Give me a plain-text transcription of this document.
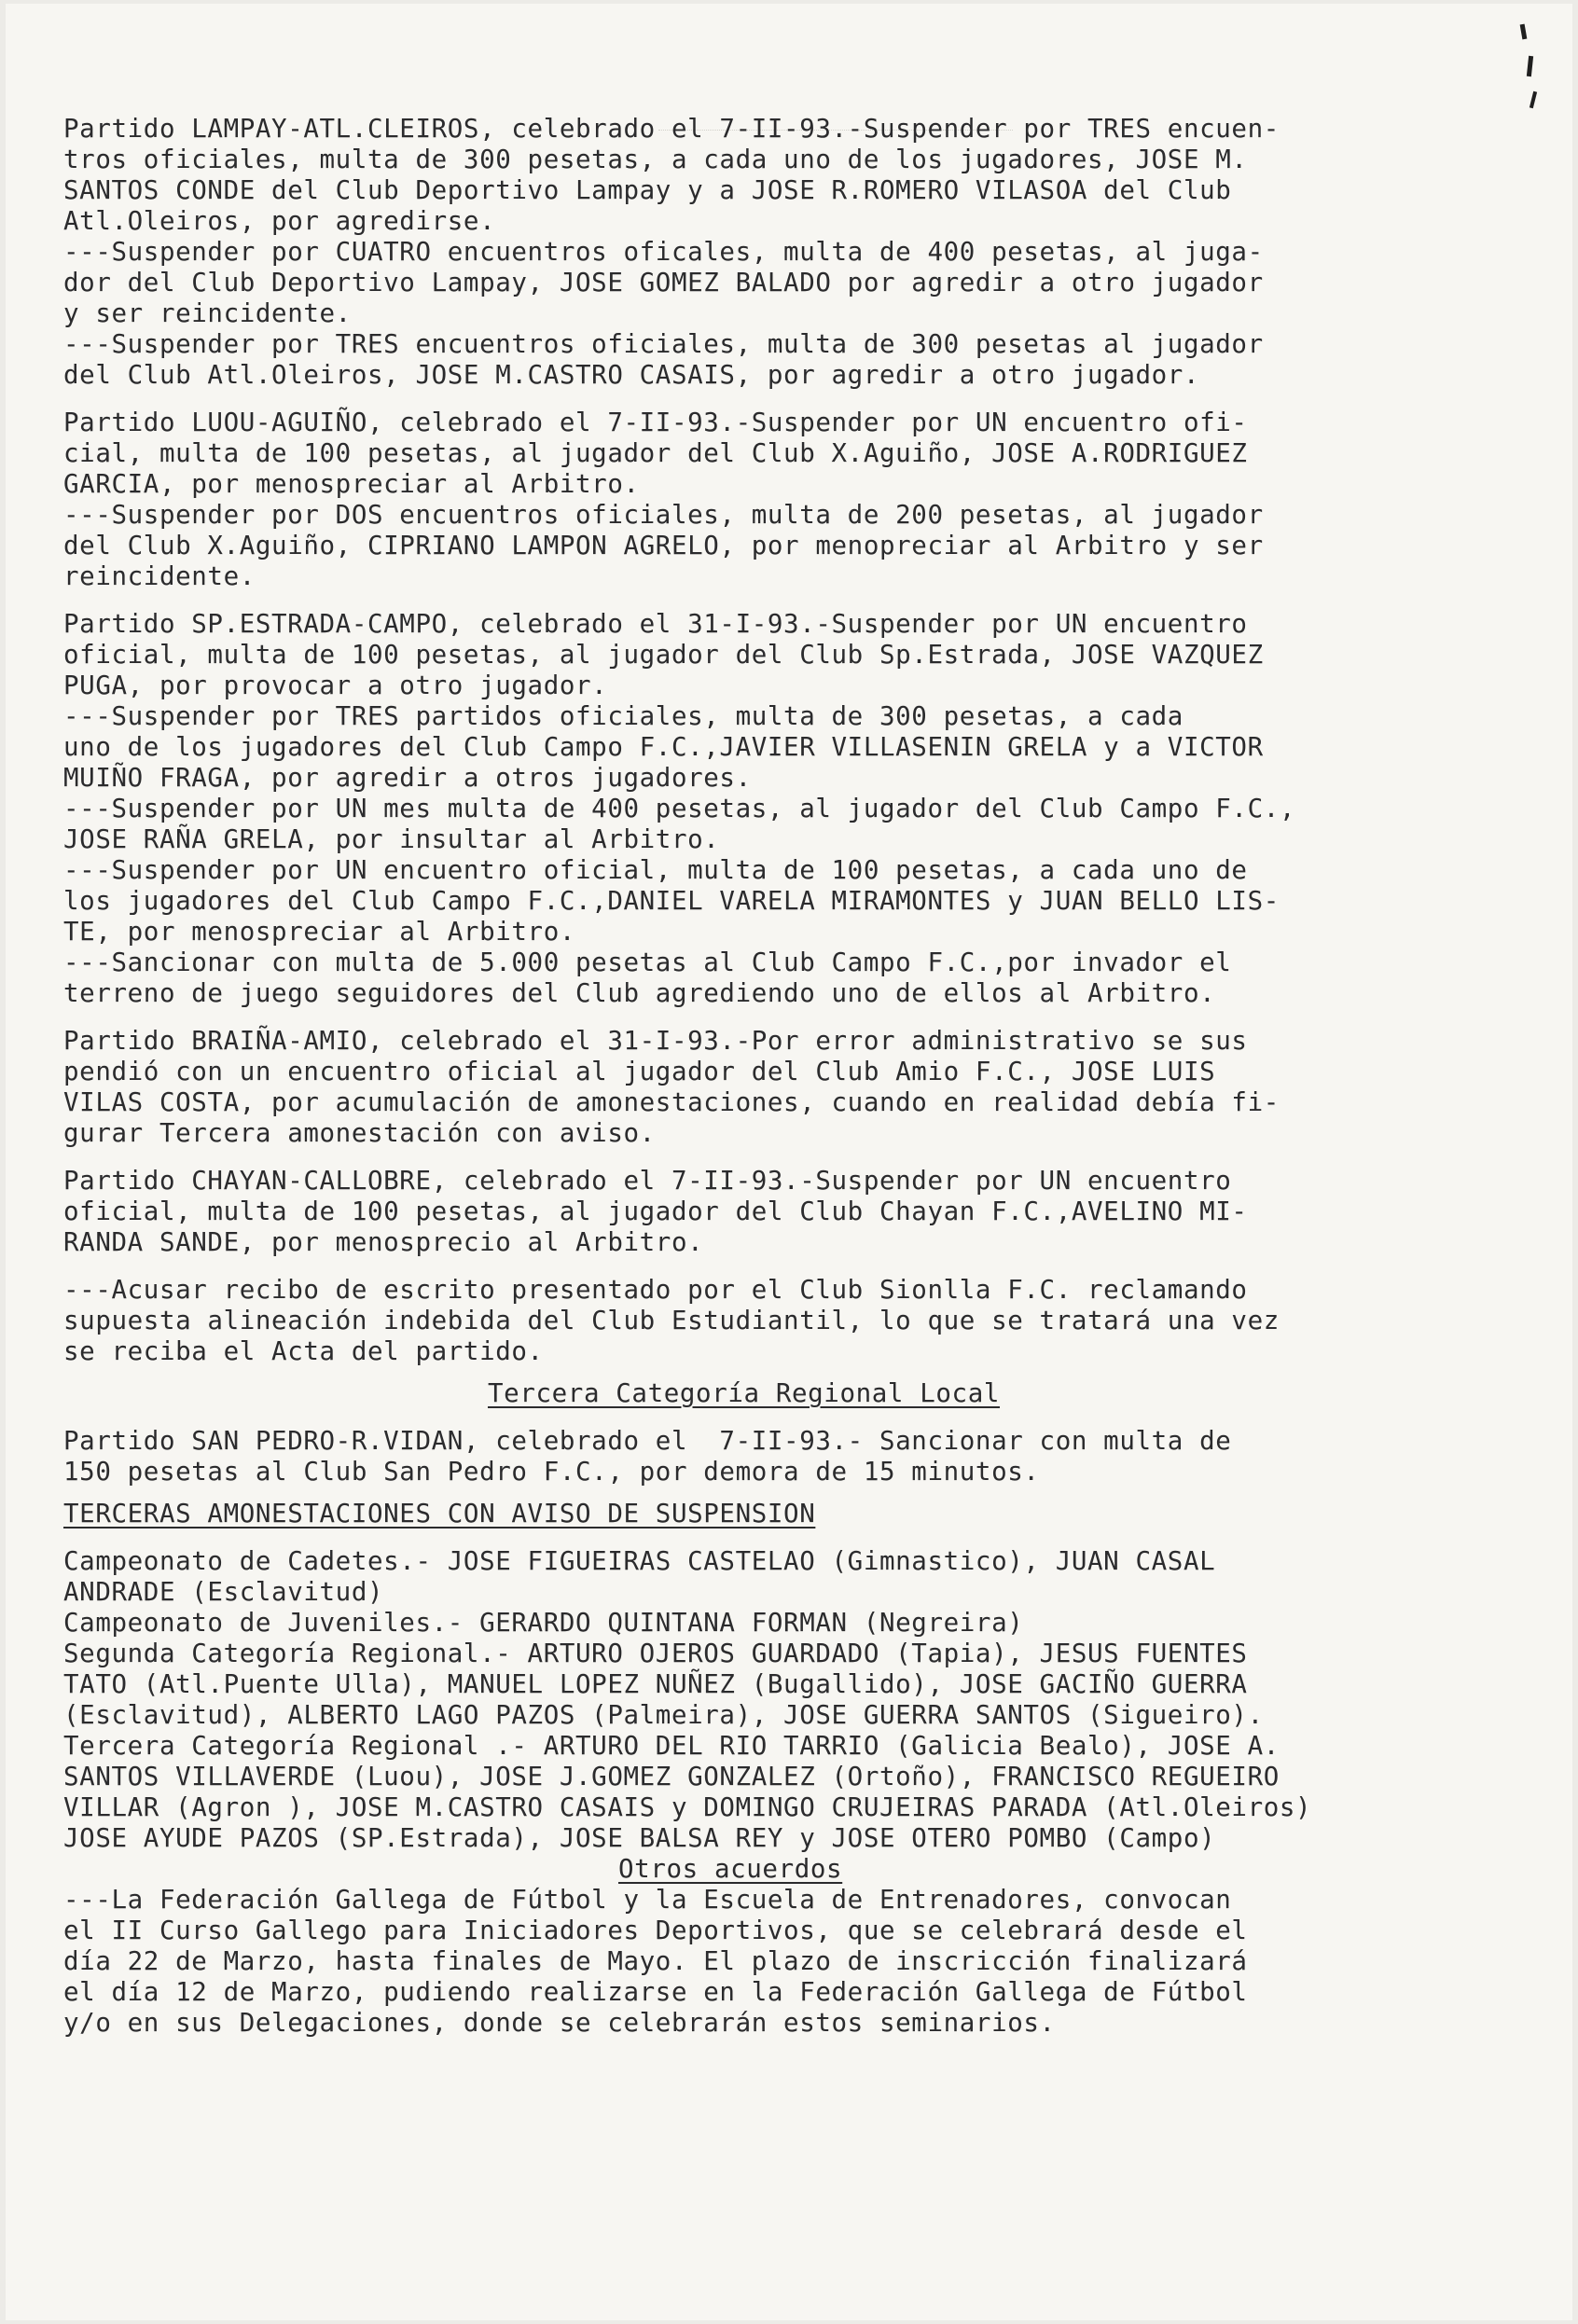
Partido LAMPAY-ATL.CLEIROS, celebrado el 7-II-93.-Suspender por TRES encuen-
tros oficiales, multa de 300 pesetas, a cada uno de los jugadores, JOSE M.
SANTOS CONDE del Club Deportivo Lampay y a JOSE R.ROMERO VILASOA del Club
Atl.Oleiros, por agredirse.
---Suspender por CUATRO encuentros oficales, multa de 400 pesetas, al juga-
dor del Club Deportivo Lampay, JOSE GOMEZ BALADO por agredir a otro jugador
y ser reincidente.
---Suspender por TRES encuentros oficiales, multa de 300 pesetas al jugador
del Club Atl.Oleiros, JOSE M.CASTRO CASAIS, por agredir a otro jugador.
Partido LUOU-AGUIÑO, celebrado el 7-II-93.-Suspender por UN encuentro ofi-
cial, multa de 100 pesetas, al jugador del Club X.Aguiño, JOSE A.RODRIGUEZ
GARCIA, por menospreciar al Arbitro.
---Suspender por DOS encuentros oficiales, multa de 200 pesetas, al jugador
del Club X.Aguiño, CIPRIANO LAMPON AGRELO, por menopreciar al Arbitro y ser
reincidente.
Partido SP.ESTRADA-CAMPO, celebrado el 31-I-93.-Suspender por UN encuentro
oficial, multa de 100 pesetas, al jugador del Club Sp.Estrada, JOSE VAZQUEZ
PUGA, por provocar a otro jugador.
---Suspender por TRES partidos oficiales, multa de 300 pesetas, a cada
uno de los jugadores del Club Campo F.C.,JAVIER VILLASENIN GRELA y a VICTOR
MUIÑO FRAGA, por agredir a otros jugadores.
---Suspender por UN mes multa de 400 pesetas, al jugador del Club Campo F.C.,
JOSE RAÑA GRELA, por insultar al Arbitro.
---Suspender por UN encuentro oficial, multa de 100 pesetas, a cada uno de
los jugadores del Club Campo F.C.,DANIEL VARELA MIRAMONTES y JUAN BELLO LIS-
TE, por menospreciar al Arbitro.
---Sancionar con multa de 5.000 pesetas al Club Campo F.C.,por invador el
terreno de juego seguidores del Club agrediendo uno de ellos al Arbitro.
Partido BRAIÑA-AMIO, celebrado el 31-I-93.-Por error administrativo se sus
pendió con un encuentro oficial al jugador del Club Amio F.C., JOSE LUIS
VILAS COSTA, por acumulación de amonestaciones, cuando en realidad debía fi-
gurar Tercera amonestación con aviso.
Partido CHAYAN-CALLOBRE, celebrado el 7-II-93.-Suspender por UN encuentro
oficial, multa de 100 pesetas, al jugador del Club Chayan F.C.,AVELINO MI-
RANDA SANDE, por menosprecio al Arbitro.
---Acusar recibo de escrito presentado por el Club Sionlla F.C. reclamando
supuesta alineación indebida del Club Estudiantil, lo que se tratará una vez
se reciba el Acta del partido.
Tercera Categoría Regional Local
Partido SAN PEDRO-R.VIDAN, celebrado el  7-II-93.- Sancionar con multa de
150 pesetas al Club San Pedro F.C., por demora de 15 minutos.
TERCERAS AMONESTACIONES CON AVISO DE SUSPENSION
Campeonato de Cadetes.- JOSE FIGUEIRAS CASTELAO (Gimnastico), JUAN CASAL
ANDRADE (Esclavitud)
Campeonato de Juveniles.- GERARDO QUINTANA FORMAN (Negreira)
Segunda Categoría Regional.- ARTURO OJEROS GUARDADO (Tapia), JESUS FUENTES
TATO (Atl.Puente Ulla), MANUEL LOPEZ NUÑEZ (Bugallido), JOSE GACIÑO GUERRA
(Esclavitud), ALBERTO LAGO PAZOS (Palmeira), JOSE GUERRA SANTOS (Sigueiro).
Tercera Categoría Regional .- ARTURO DEL RIO TARRIO (Galicia Bealo), JOSE A.
SANTOS VILLAVERDE (Luou), JOSE J.GOMEZ GONZALEZ (Ortoño), FRANCISCO REGUEIRO
VILLAR (Agron ), JOSE M.CASTRO CASAIS y DOMINGO CRUJEIRAS PARADA (Atl.Oleiros)
JOSE AYUDE PAZOS (SP.Estrada), JOSE BALSA REY y JOSE OTERO POMBO (Campo)
Otros acuerdos
---La Federación Gallega de Fútbol y la Escuela de Entrenadores, convocan
el II Curso Gallego para Iniciadores Deportivos, que se celebrará desde el
día 22 de Marzo, hasta finales de Mayo. El plazo de inscricción finalizará
el día 12 de Marzo, pudiendo realizarse en la Federación Gallega de Fútbol
y/o en sus Delegaciones, donde se celebrarán estos seminarios.
